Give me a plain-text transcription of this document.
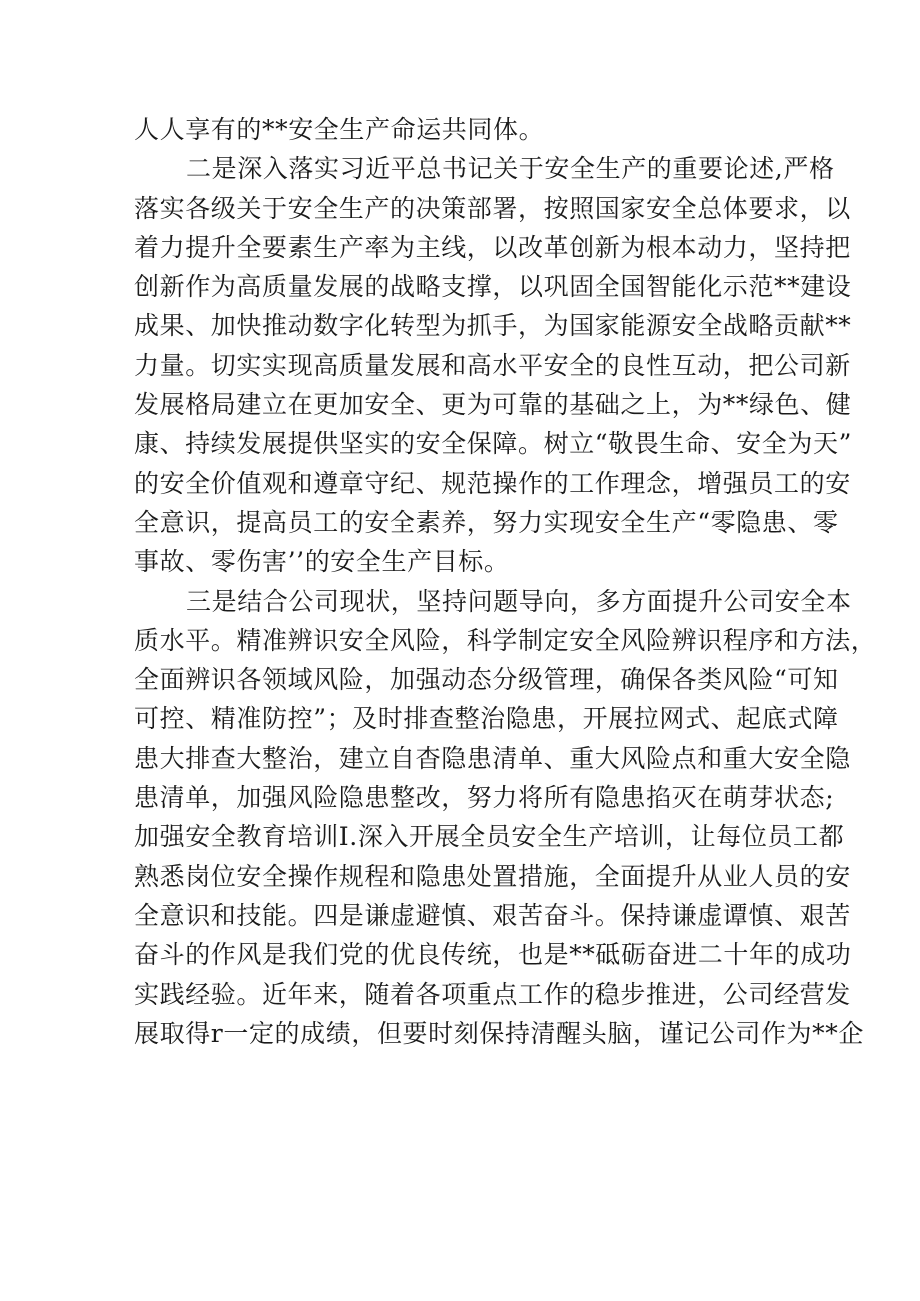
人人享有的**安全生产命运共同体。

二是深入落实习近平总书记关于安全生产的重要论述,严格
落实各级关于安全生产的决策部署，按照国家安全总体要求，以
着力提升全要素生产率为主线，以改革创新为根本动力，坚持把
创新作为高质量发展的战略支撑，以巩固全国智能化示范**建设
成果、加快推动数字化转型为抓手，为国家能源安全战略贡献**
力量。切实实现高质量发展和高水平安全的良性互动，把公司新
发展格局建立在更加安全、更为可靠的基础之上，为**绿色、健
康、持续发展提供坚实的安全保障。树立“敬畏生命、安全为天”
的安全价值观和遵章守纪、规范操作的工作理念，增强员工的安
全意识，提高员工的安全素养，努力实现安全生产“零隐患、零
事故、零伤害’’的安全生产目标。

三是结合公司现状，坚持问题导向，多方面提升公司安全本
质水平。精准辨识安全风险，科学制定安全风险辨识程序和方法，
全面辨识各领域风险，加强动态分级管理，确保各类风险“可知
可控、精准防控”；及时排查整治隐患，开展拉网式、起底式障
患大排查大整治，建立自杳隐患清单、重大风险点和重大安全隐
患清单，加强风险隐患整改，努力将所有隐患掐灭在萌芽状态;
加强安全教育培训I.深入开展全员安全生产培训，让每位员工都
熟悉岗位安全操作规程和隐患处置措施，全面提升从业人员的安
全意识和技能。四是谦虚避慎、艰苦奋斗。保持谦虚谭慎、艰苦
奋斗的作风是我们党的优良传统，也是**砥砺奋进二十年的成功
实践经验。近年来，随着各项重点工作的稳步推进，公司经营发
展取得r一定的成绩，但要时刻保持清醒头脑，谨记公司作为**企
